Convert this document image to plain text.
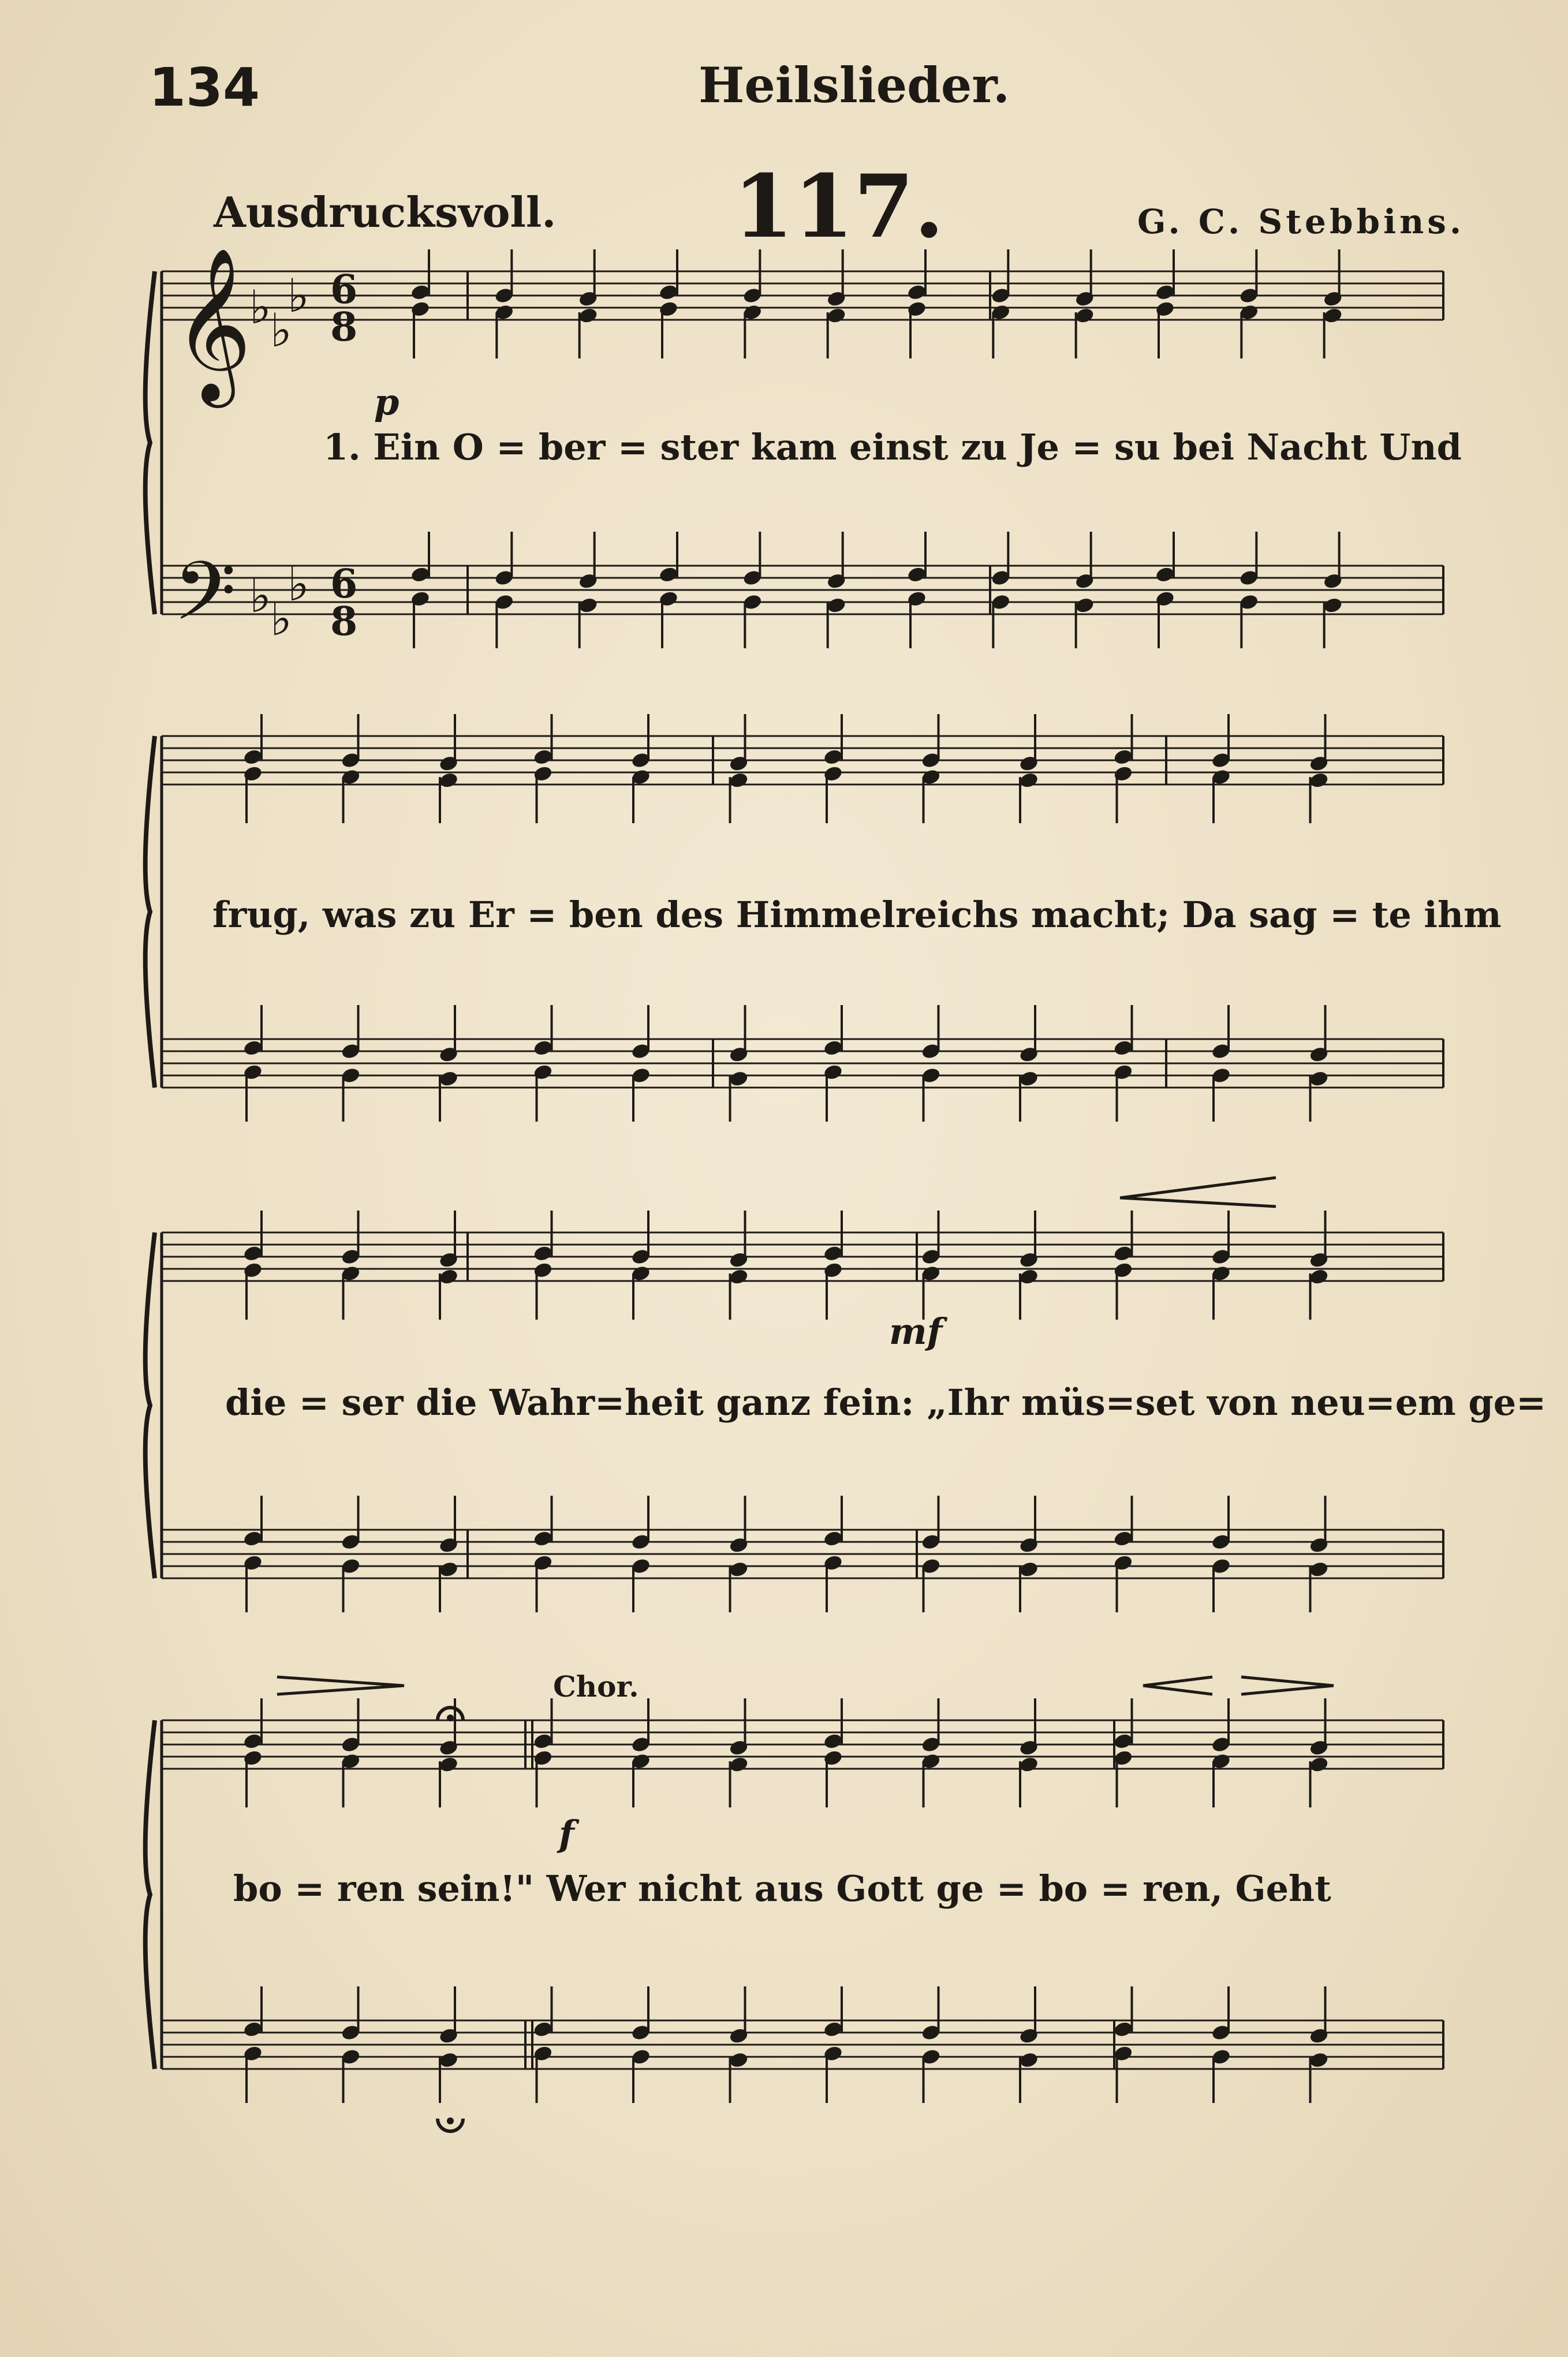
134	Heilslieder.
117.
Ausdrucksvoll.	G. C. Stebbins.
p
mf
f
Chor.
1. Ein O = ber = ster kam einst zu Je = su bei Nacht Und
frug, was zu Er = ben des Himmelreichs macht; Da sag = te ihm
die = ser die Wahr=heit ganz fein: „Ihr müs=set von neu=em ge=
bo = ren sein!" Wer nicht aus Gott ge = bo = ren, Geht
𝄞
𝄢
♭
♭
♭
♭
♭
♭
6
8
6
8
